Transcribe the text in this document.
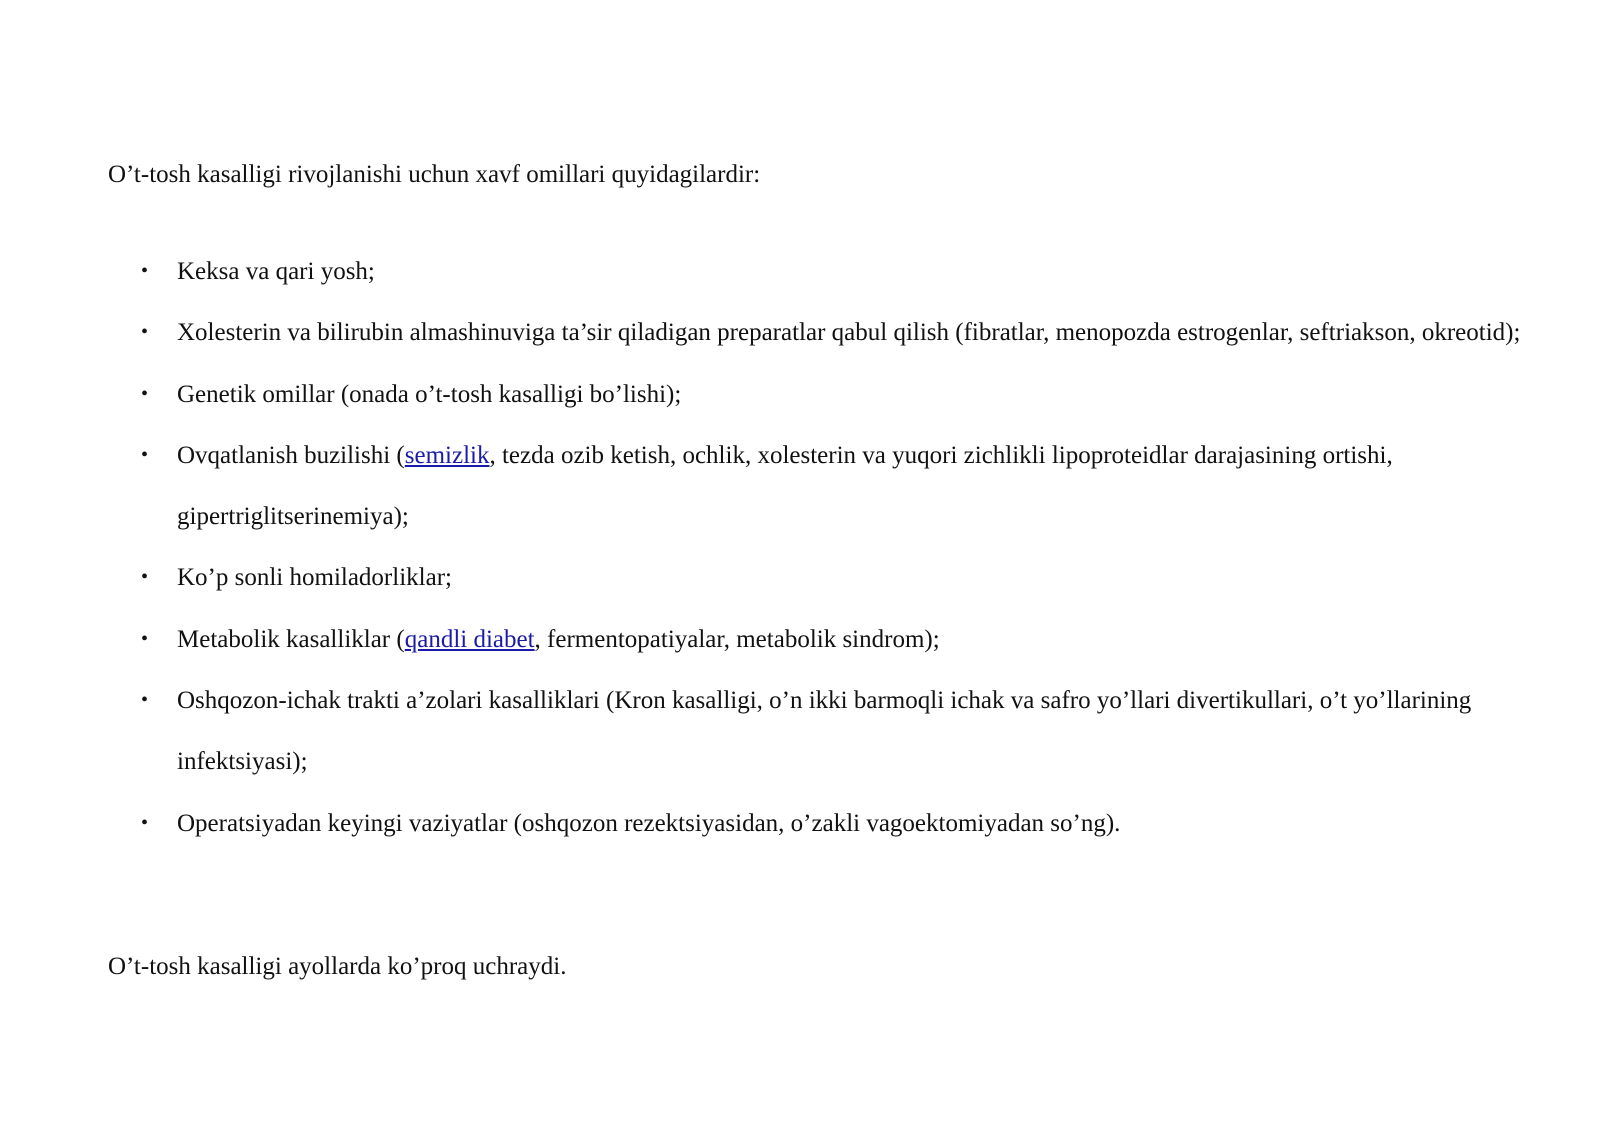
O’t-tosh kasalligi rivojlanishi uchun xavf omillari quyidagilardir:

• Keksa va qari yosh;
• Xolesterin va bilirubin almashinuviga ta’sir qiladigan preparatlar qabul qilish (fibratlar, menopozda estrogenlar, seftriakson, okreotid);
• Genetik omillar (onada o’t-tosh kasalligi bo’lishi);
• Ovqatlanish buzilishi (semizlik, tezda ozib ketish, ochlik, xolesterin va yuqori zichlikli lipoproteidlar darajasining ortishi, gipertriglitserinemiya);
• Ko’p sonli homiladorliklar;
• Metabolik kasalliklar (qandli diabet, fermentopatiyalar, metabolik sindrom);
• Oshqozon-ichak trakti a’zolari kasalliklari (Kron kasalligi, o’n ikki barmoqli ichak va safro yo’llari divertikullari, o’t yo’llarining infektsiyasi);
• Operatsiyadan keyingi vaziyatlar (oshqozon rezektsiyasidan, o’zakli vagoektomiyadan so’ng).

O’t-tosh kasalligi ayollarda ko’proq uchraydi.
